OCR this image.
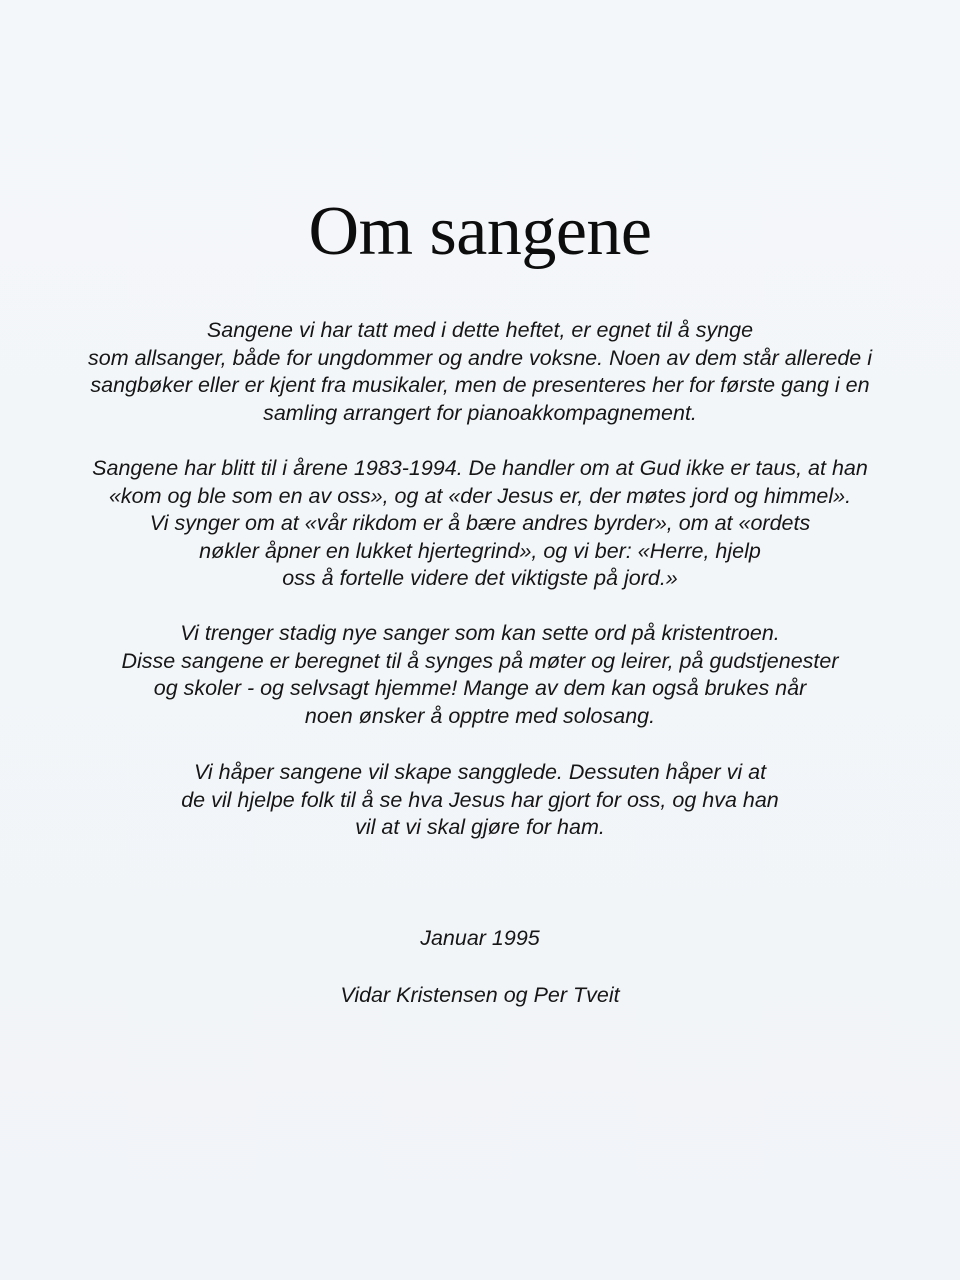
Om sangene
Sangene vi har tatt med i dette heftet, er egnet til å synge
som allsanger, både for ungdommer og andre voksne. Noen av dem står allerede i
sangbøker eller er kjent fra musikaler, men de presenteres her for første gang i en
samling arrangert for pianoakkompagnement.
Sangene har blitt til i årene 1983-1994. De handler om at Gud ikke er taus, at han
«kom og ble som en av oss», og at «der Jesus er, der møtes jord og himmel».
Vi synger om at «vår rikdom er å bære andres byrder», om at «ordets
nøkler åpner en lukket hjertegrind», og vi ber: «Herre, hjelp
oss å fortelle videre det viktigste på jord.»
Vi trenger stadig nye sanger som kan sette ord på kristentroen.
Disse sangene er beregnet til å synges på møter og leirer, på gudstjenester
og skoler - og selvsagt hjemme! Mange av dem kan også brukes når
noen ønsker å opptre med solosang.
Vi håper sangene vil skape sangglede. Dessuten håper vi at
de vil hjelpe folk til å se hva Jesus har gjort for oss, og hva han
vil at vi skal gjøre for ham.
Januar 1995
Vidar Kristensen og Per Tveit
